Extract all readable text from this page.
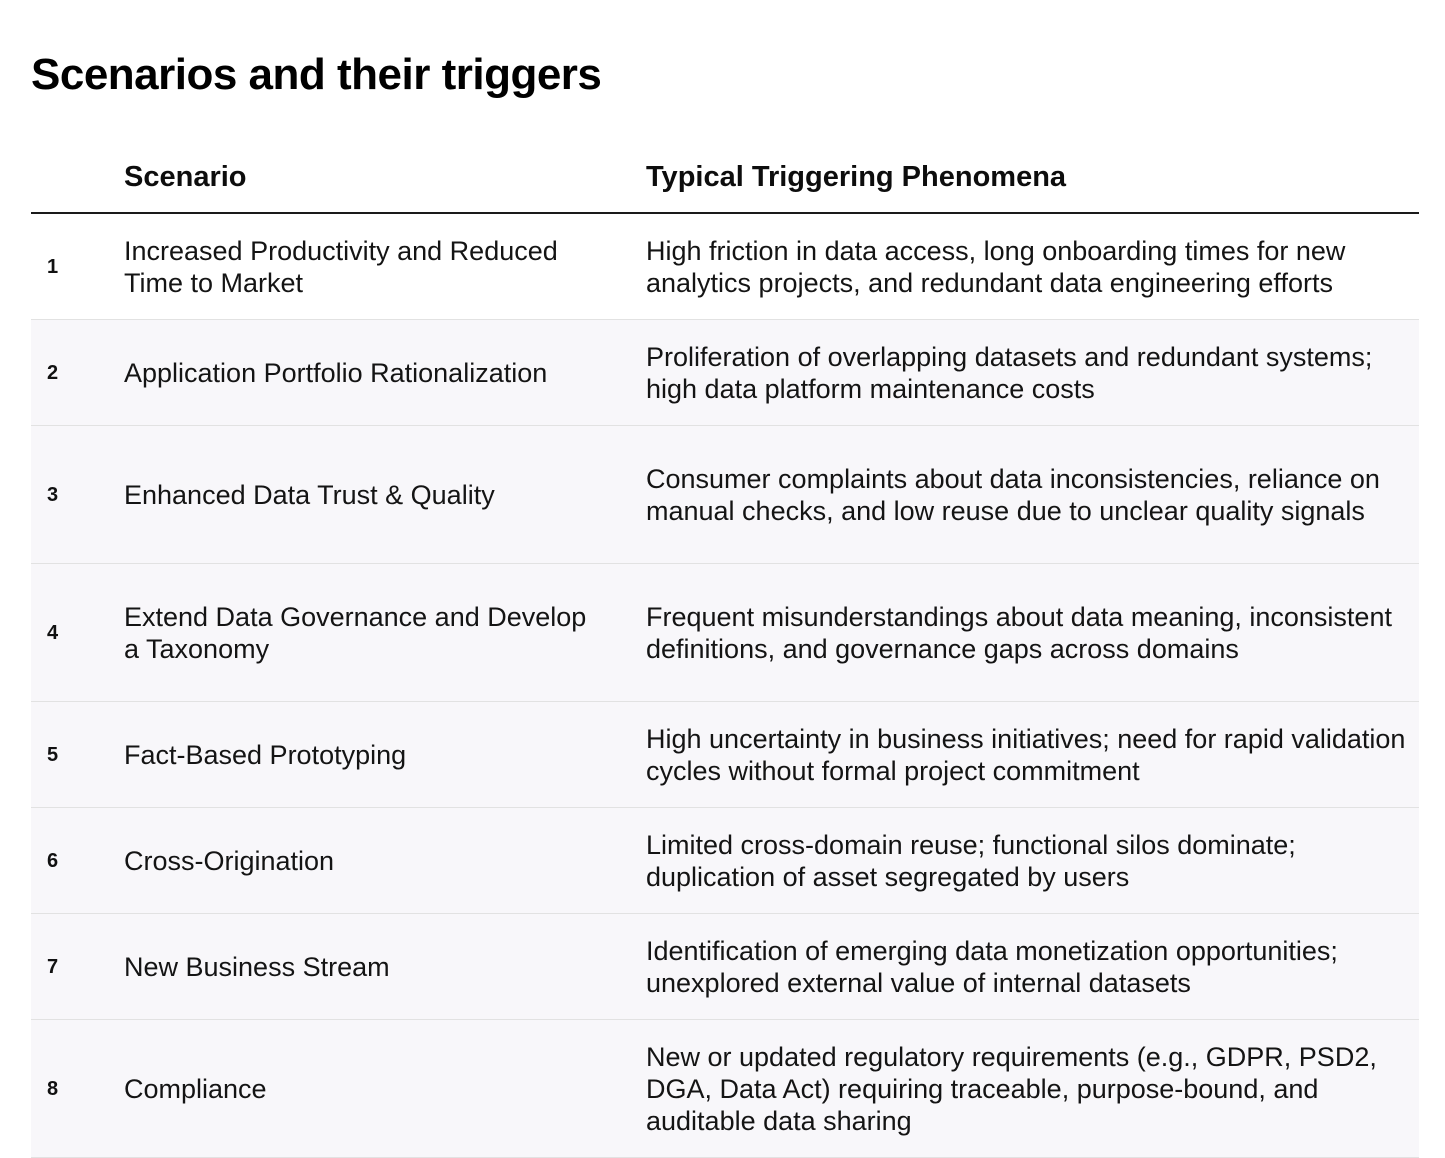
Scenarios and their triggers
	Scenario	Typical Triggering Phenomena
1	Increased Productivity and Reduced Time to Market	High friction in data access, long onboarding times for new analytics projects, and redundant data engineering efforts
2	Application Portfolio Rationalization	Proliferation of overlapping datasets and redundant systems; high data platform maintenance costs
3	Enhanced Data Trust & Quality	Consumer complaints about data inconsistencies, reliance on manual checks, and low reuse due to unclear quality signals
4	Extend Data Governance and Develop a Taxonomy	Frequent misunderstandings about data meaning, inconsistent definitions, and governance gaps across domains
5	Fact-Based Prototyping	High uncertainty in business initiatives; need for rapid validation cycles without formal project commitment
6	Cross-Origination	Limited cross-domain reuse; functional silos dominate; duplication of asset segregated by users
7	New Business Stream	Identification of emerging data monetization opportunities; unexplored external value of internal datasets
8	Compliance	New or updated regulatory requirements (e.g., GDPR, PSD2, DGA, Data Act) requiring traceable, purpose-bound, and auditable data sharing
